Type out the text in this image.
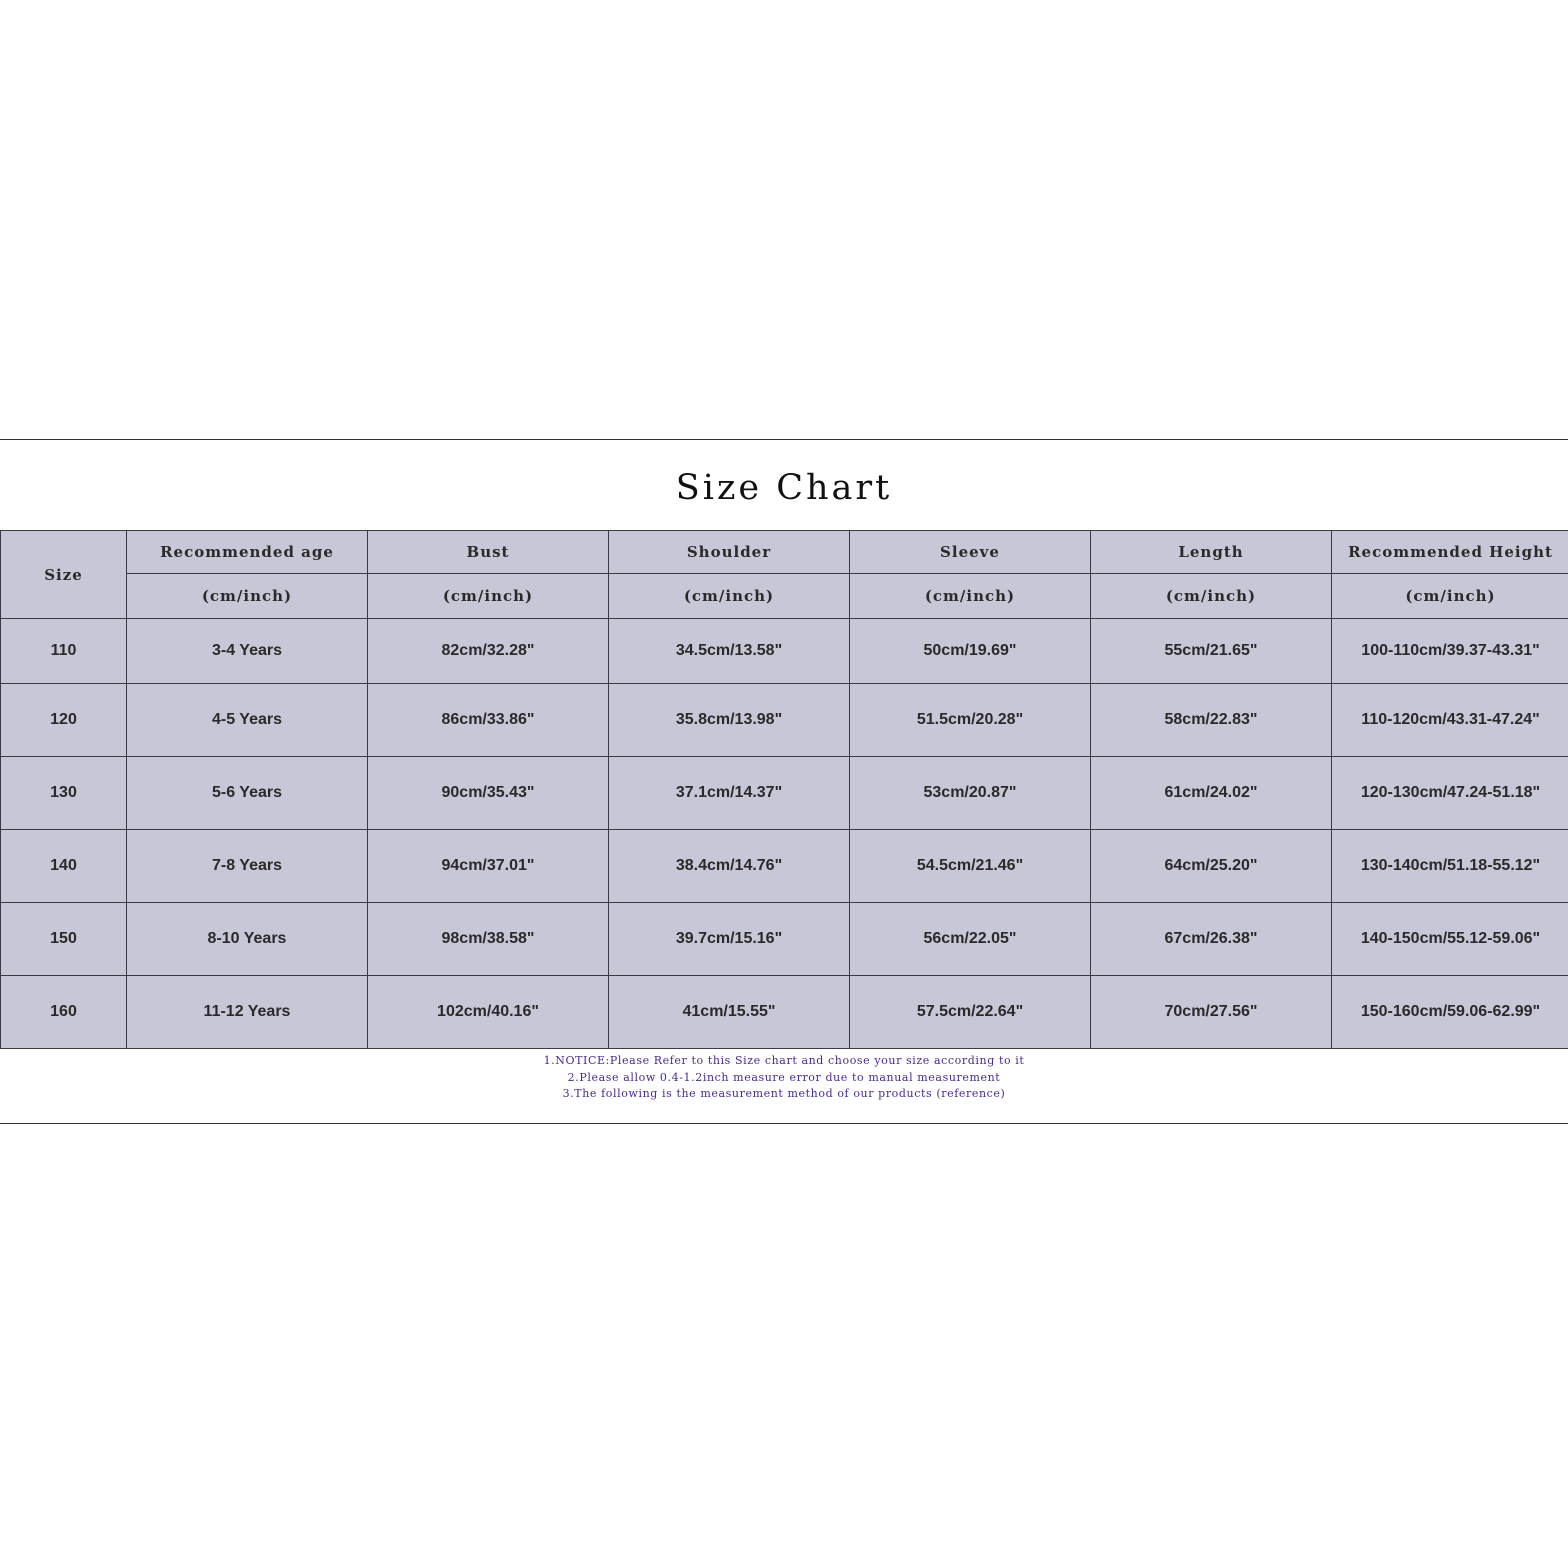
Size Chart
Size	Recommended age	Bust	Shoulder	Sleeve	Length	Recommended Height
	(cm/inch)	(cm/inch)	(cm/inch)	(cm/inch)	(cm/inch)	(cm/inch)
110	3-4 Years	82cm/32.28"	34.5cm/13.58"	50cm/19.69"	55cm/21.65"	100-110cm/39.37-43.31"
120	4-5 Years	86cm/33.86"	35.8cm/13.98"	51.5cm/20.28"	58cm/22.83"	110-120cm/43.31-47.24"
130	5-6 Years	90cm/35.43"	37.1cm/14.37"	53cm/20.87"	61cm/24.02"	120-130cm/47.24-51.18"
140	7-8 Years	94cm/37.01"	38.4cm/14.76"	54.5cm/21.46"	64cm/25.20"	130-140cm/51.18-55.12"
150	8-10 Years	98cm/38.58"	39.7cm/15.16"	56cm/22.05"	67cm/26.38"	140-150cm/55.12-59.06"
160	11-12 Years	102cm/40.16"	41cm/15.55"	57.5cm/22.64"	70cm/27.56"	150-160cm/59.06-62.99"
1.NOTICE:Please Refer to this Size chart and choose your size according to it
2.Please allow 0.4-1.2inch measure error due to manual measurement
3.The following is the measurement method of our products (reference)
